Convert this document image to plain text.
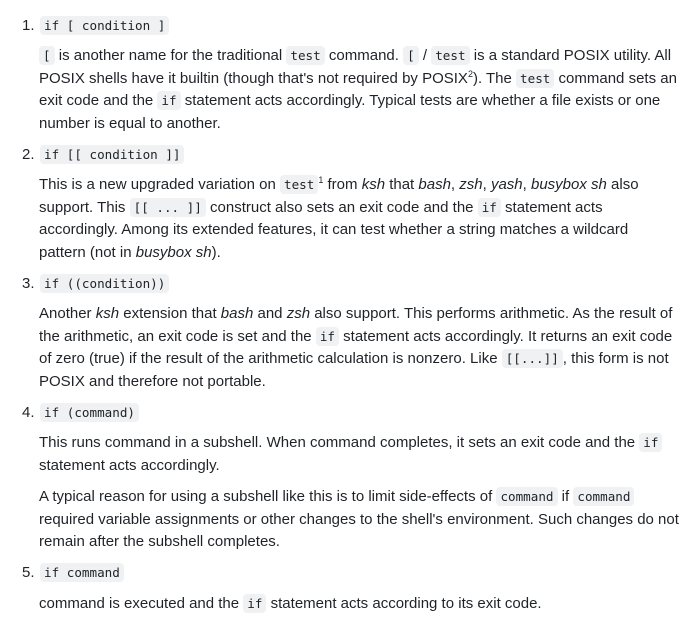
1. if [ condition ]

[ is another name for the traditional test command. [ / test is a standard POSIX utility. All POSIX shells have it builtin (though that's not required by POSIX$^2$). The test command sets an exit code and the if statement acts accordingly. Typical tests are whether a file exists or one number is equal to another.

2. if [[ condition ]]

This is a new upgraded variation on test $^1$ from ksh that bash, zsh, yash, busybox sh also support. This [[ ... ]] construct also sets an exit code and the if statement acts accordingly. Among its extended features, it can test whether a string matches a wildcard pattern (not in busybox sh).

3. if ((condition))

Another ksh extension that bash and zsh also support. This performs arithmetic. As the result of the arithmetic, an exit code is set and the if statement acts accordingly. It returns an exit code of zero (true) if the result of the arithmetic calculation is nonzero. Like [[...]] , this form is not POSIX and therefore not portable.

4. if (command)

This runs command in a subshell. When command completes, it sets an exit code and the if statement acts accordingly.

A typical reason for using a subshell like this is to limit side-effects of command if command required variable assignments or other changes to the shell's environment. Such changes do not remain after the subshell completes.

5. if command

command is executed and the if statement acts according to its exit code.
